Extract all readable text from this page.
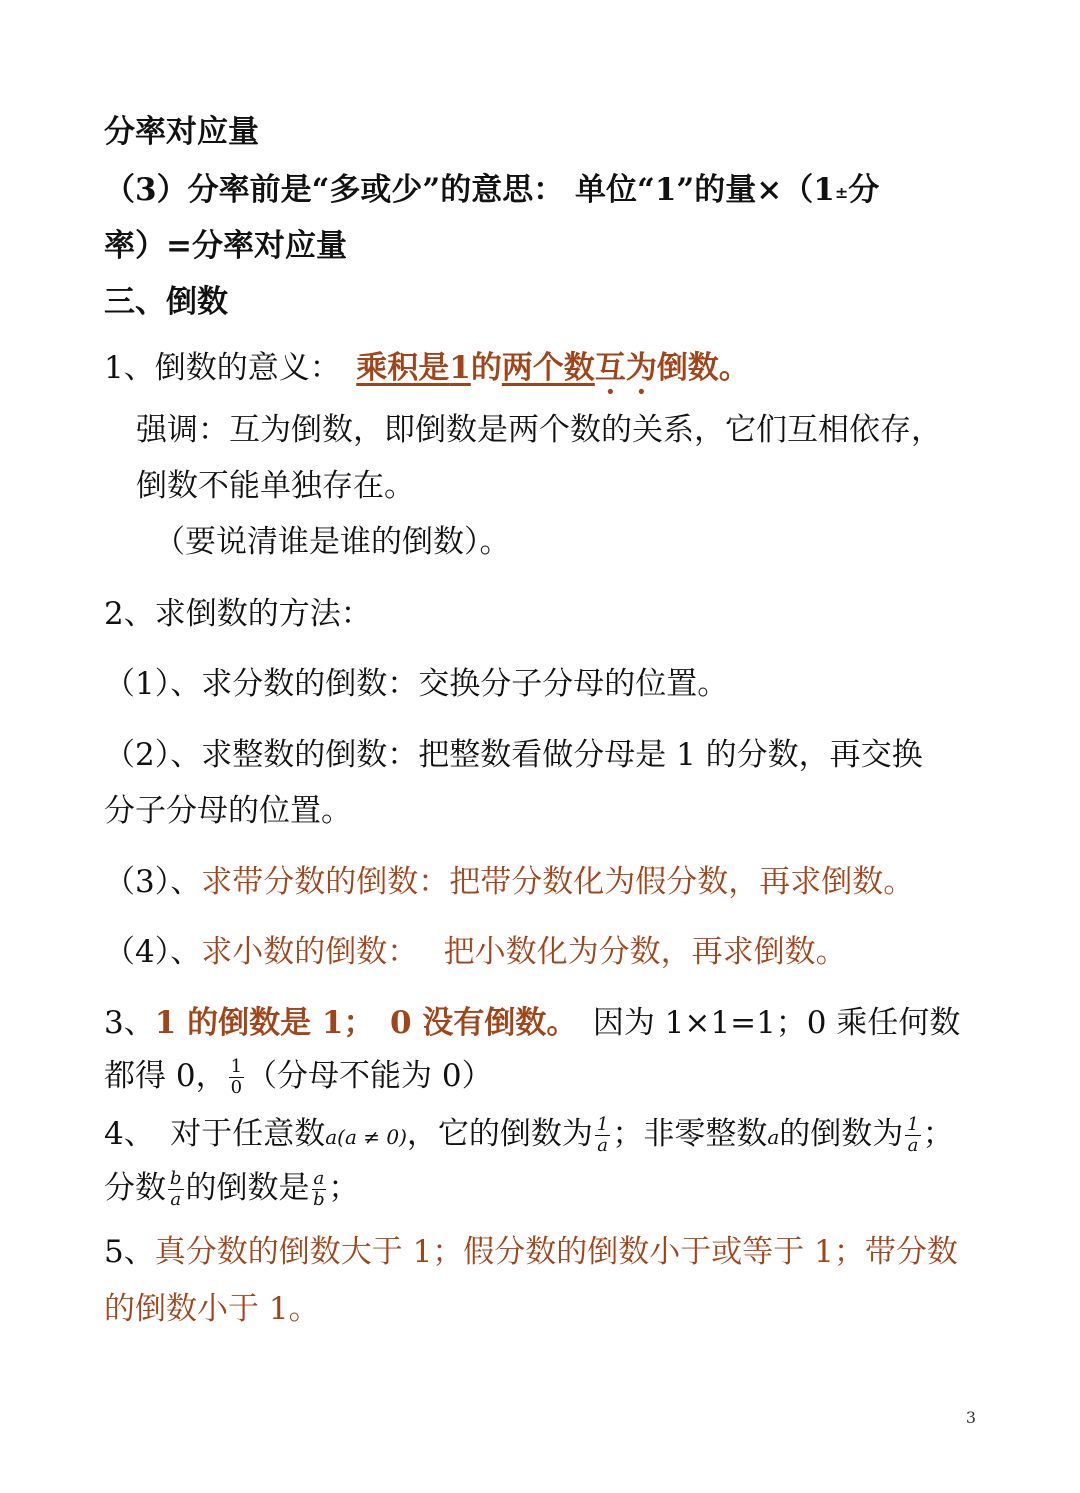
分率对应量
（3）分率前是“多或少”的意思： 单位“1”的量×（1±分
率）=分率对应量
三、倒数
1、倒数的意义：　 乘积是1的两个数互为倒数。
强调：互为倒数，即倒数是两个数的关系，它们互相依存，
倒数不能单独存在。
（要说清谁是谁的倒数）。
2、求倒数的方法：
（1）、求分数的倒数：交换分子分母的位置。
（2）、求整数的倒数：把整数看做分母是 1 的分数，再交换
分子分母的位置。
（3）、求带分数的倒数：把带分数化为假分数，再求倒数。
（4）、求小数的倒数：　 把小数化为分数，再求倒数。
3、1 的倒数是 1；　0 没有倒数。　因为 1×1=1；0 乘任何数
都得 0， $\frac{1}{0}$ （分母不能为 0）
4、　对于任意数a(a ≠ 0)，它的倒数为 $\frac{1}{a}$ ；非零整数a的倒数为 $\frac{1}{a}$ ；
分数 $\frac{b}{a}$ 的倒数是 $\frac{a}{b}$ ；
5、真分数的倒数大于 1；假分数的倒数小于或等于 1；带分数
的倒数小于 1。
3
